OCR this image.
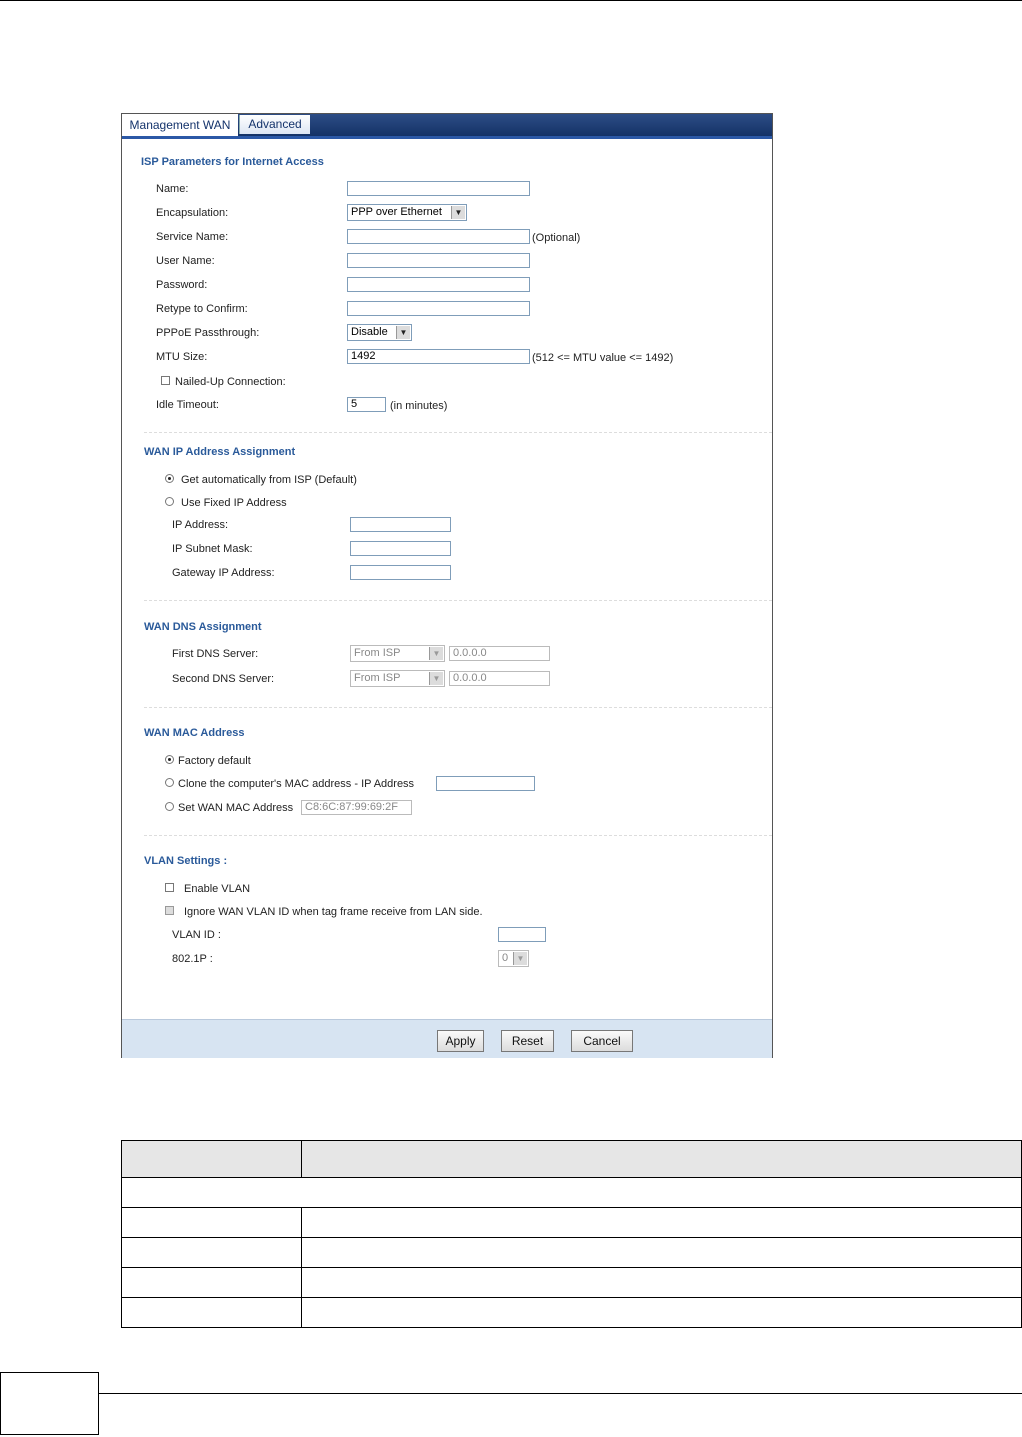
Management WAN	Advanced
ISP Parameters for Internet Access
Name:
Encapsulation:	PPP over Ethernet	▼
Service Name:	(Optional)
User Name:
Password:
Retype to Confirm:
PPPoE Passthrough:	Disable	▼
MTU Size:	1492	(512 <= MTU value <= 1492)
Nailed-Up Connection:
Idle Timeout:	5	(in minutes)
WAN IP Address Assignment
Get automatically from ISP (Default)
Use Fixed IP Address
IP Address:
IP Subnet Mask:
Gateway IP Address:
WAN DNS Assignment
First DNS Server:	From ISP	▼	0.0.0.0
Second DNS Server:	From ISP	▼	0.0.0.0
WAN MAC Address
Factory default
Clone the computer's MAC address - IP Address
Set WAN MAC Address	C8:6C:87:99:69:2F
VLAN Settings :
Enable VLAN
Ignore WAN VLAN ID when tag frame receive from LAN side.
VLAN ID :
802.1P :	0	▼
Apply	Reset	Cancel
